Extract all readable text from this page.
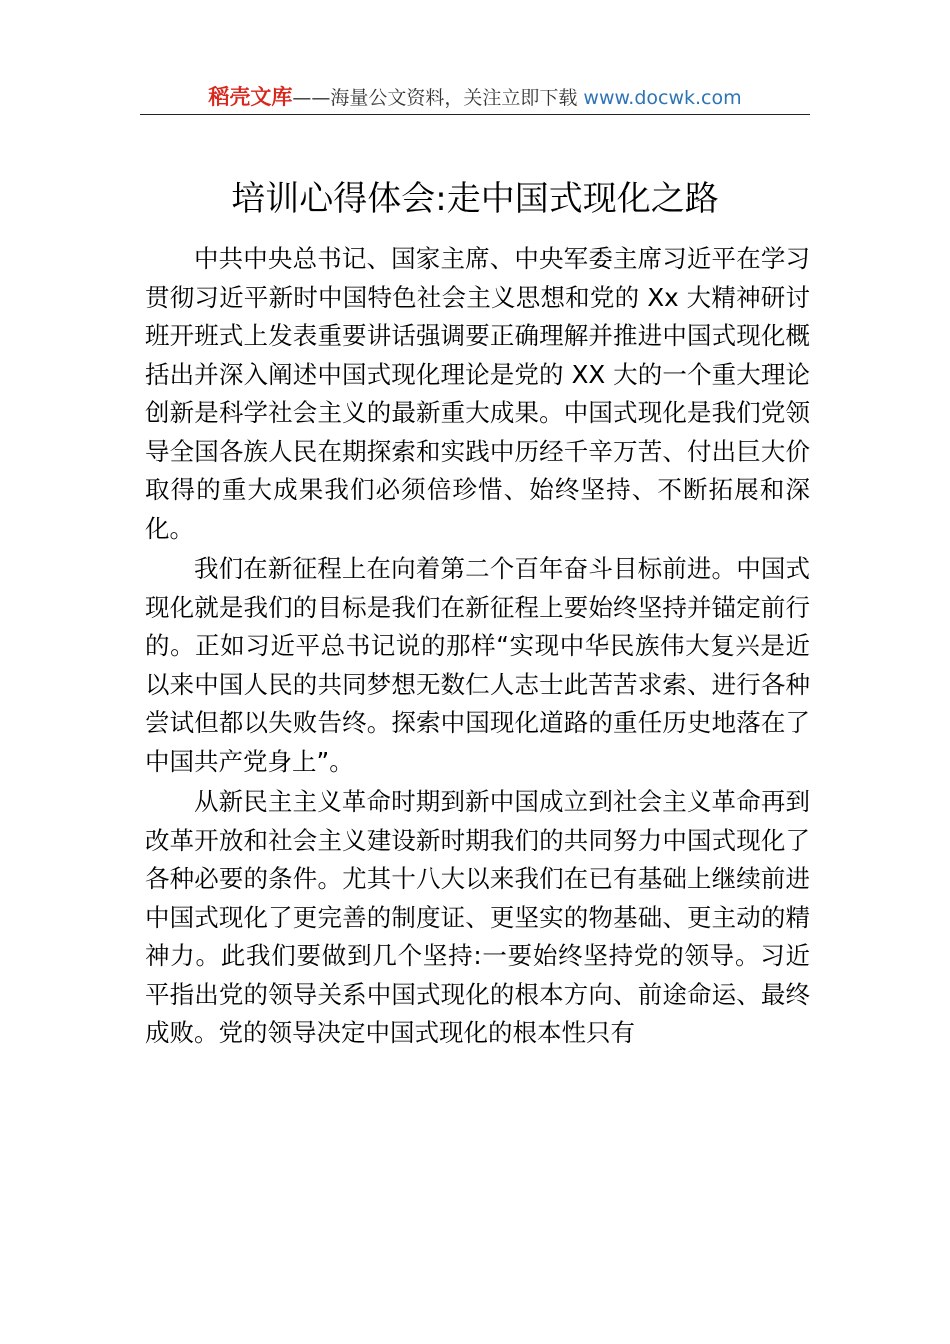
稻壳文库——海量公文资料，关注立即下载 www.docwk.com
培训心得体会:走中国式现化之路

中共中央总书记、国家主席、中央军委主席习近平在学习贯彻习近平新时中国特色社会主义思想和党的 Xx 大精神研讨班开班式上发表重要讲话强调要正确理解并推进中国式现化概括出并深入阐述中国式现化理论是党的 XX 大的一个重大理论创新是科学社会主义的最新重大成果。中国式现化是我们党领导全国各族人民在期探索和实践中历经千辛万苦、付出巨大价取得的重大成果我们必须倍珍惜、始终坚持、不断拓展和深化。

我们在新征程上在向着第二个百年奋斗目标前进。中国式现化就是我们的目标是我们在新征程上要始终坚持并锚定前行的。正如习近平总书记说的那样“实现中华民族伟大复兴是近以来中国人民的共同梦想无数仁人志士此苦苦求索、进行各种尝试但都以失败告终。探索中国现化道路的重任历史地落在了中国共产党身上”。

从新民主主义革命时期到新中国成立到社会主义革命再到改革开放和社会主义建设新时期我们的共同努力中国式现化了各种必要的条件。尤其十八大以来我们在已有基础上继续前进中国式现化了更完善的制度证、更坚实的物基础、更主动的精神力。此我们要做到几个坚持:一要始终坚持党的领导。习近平指出党的领导关系中国式现化的根本方向、前途命运、最终成败。党的领导决定中国式现化的根本性只有
